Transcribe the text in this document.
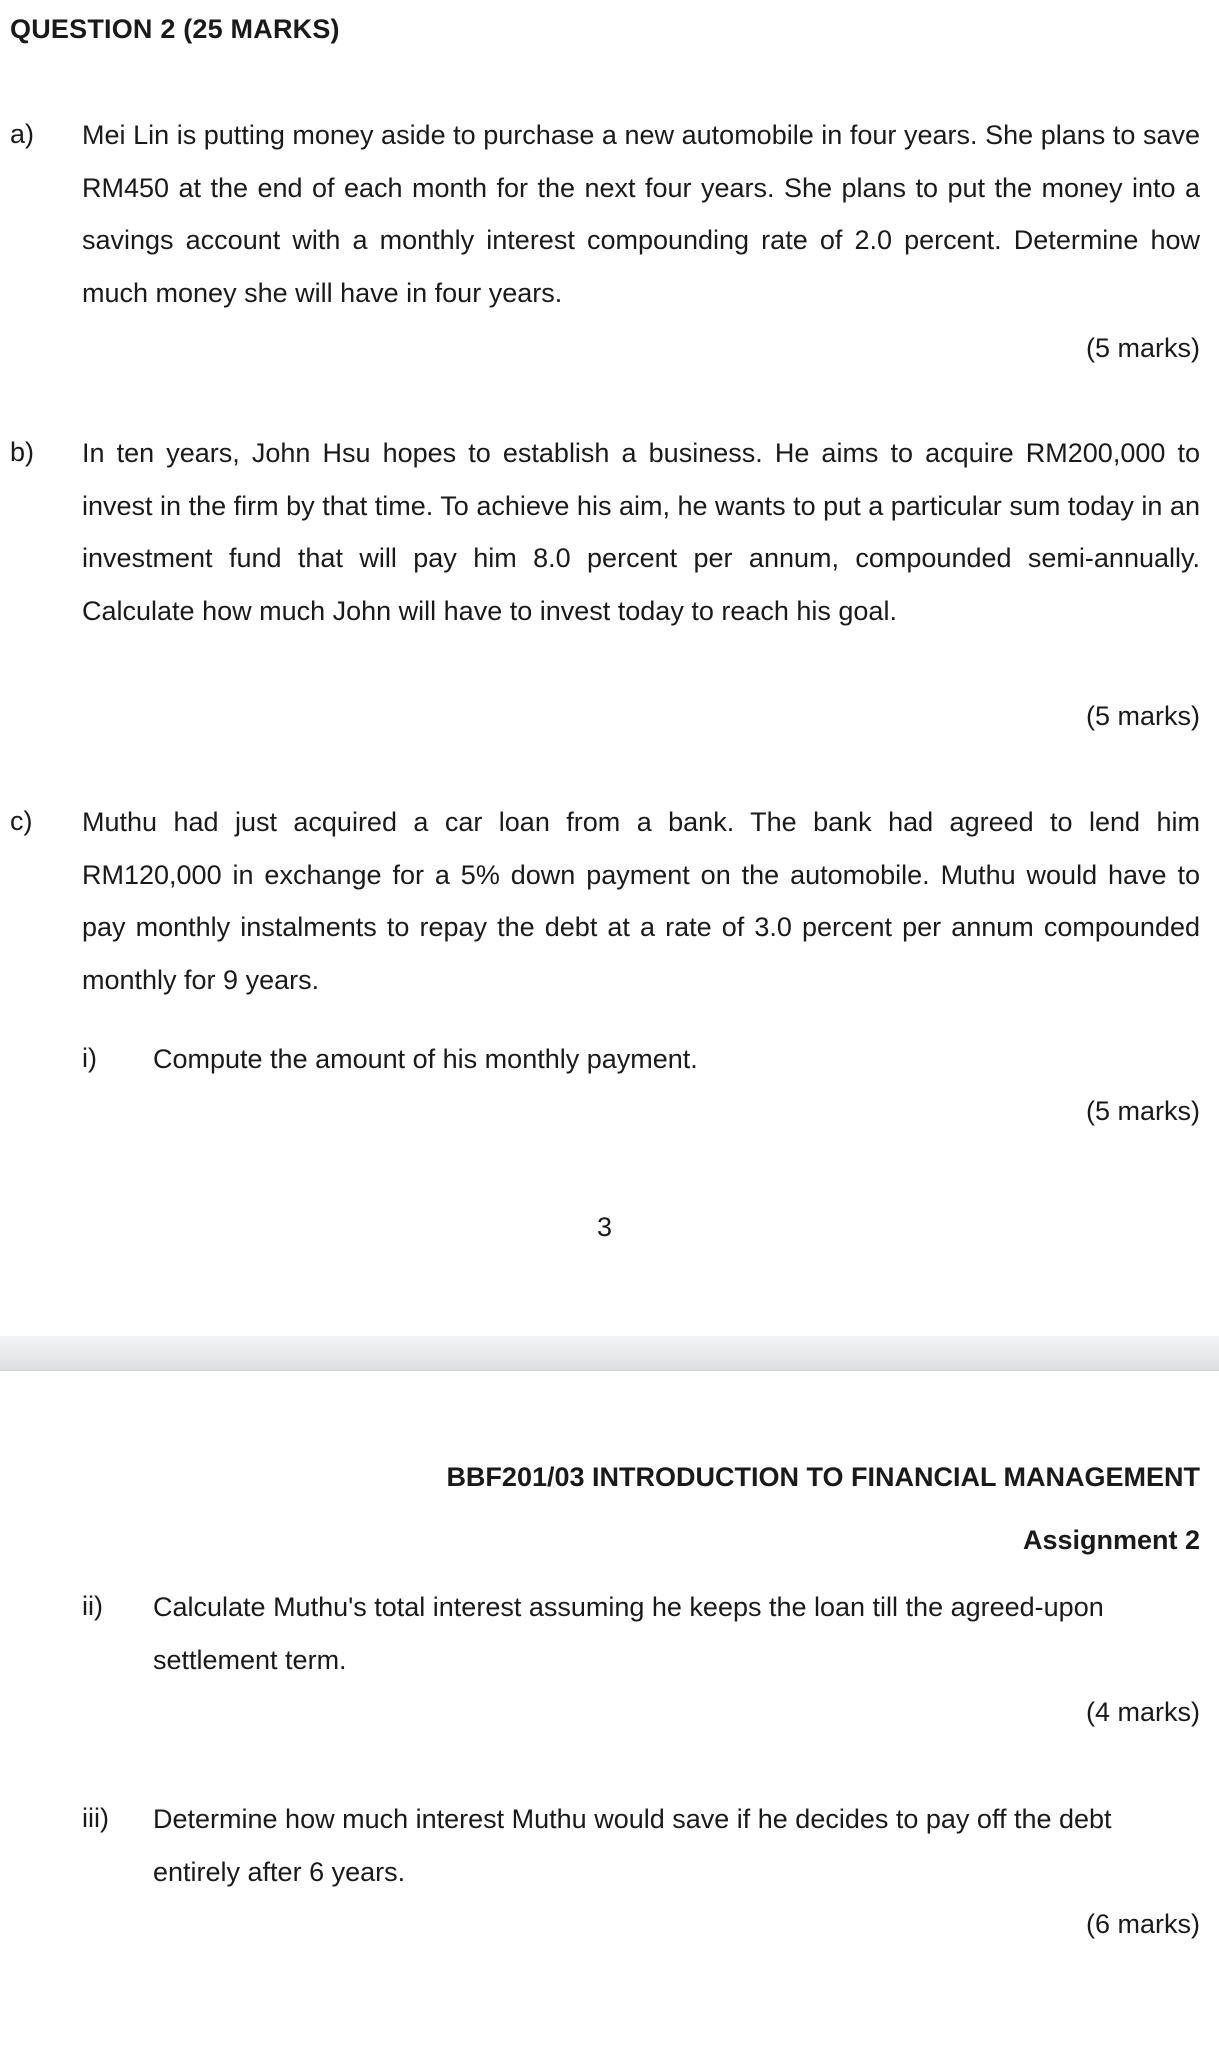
QUESTION 2 (25 MARKS)
a) Mei Lin is putting money aside to purchase a new automobile in four years. She plans to save RM450 at the end of each month for the next four years. She plans to put the money into a savings account with a monthly interest compounding rate of 2.0 percent. Determine how much money she will have in four years.

(5 marks)
b) In ten years, John Hsu hopes to establish a business. He aims to acquire RM200,000 to invest in the firm by that time. To achieve his aim, he wants to put a particular sum today in an investment fund that will pay him 8.0 percent per annum, compounded semi-annually. Calculate how much John will have to invest today to reach his goal.

(5 marks)
c) Muthu had just acquired a car loan from a bank. The bank had agreed to lend him RM120,000 in exchange for a 5% down payment on the automobile. Muthu would have to pay monthly instalments to repay the debt at a rate of 3.0 percent per annum compounded monthly for 9 years.

i) Compute the amount of his monthly payment.

(5 marks)
3
BBF201/03 INTRODUCTION TO FINANCIAL MANAGEMENT
Assignment 2
ii) Calculate Muthu's total interest assuming he keeps the loan till the agreed-upon settlement term.

(4 marks)
iii) Determine how much interest Muthu would save if he decides to pay off the debt entirely after 6 years.

(6 marks)
